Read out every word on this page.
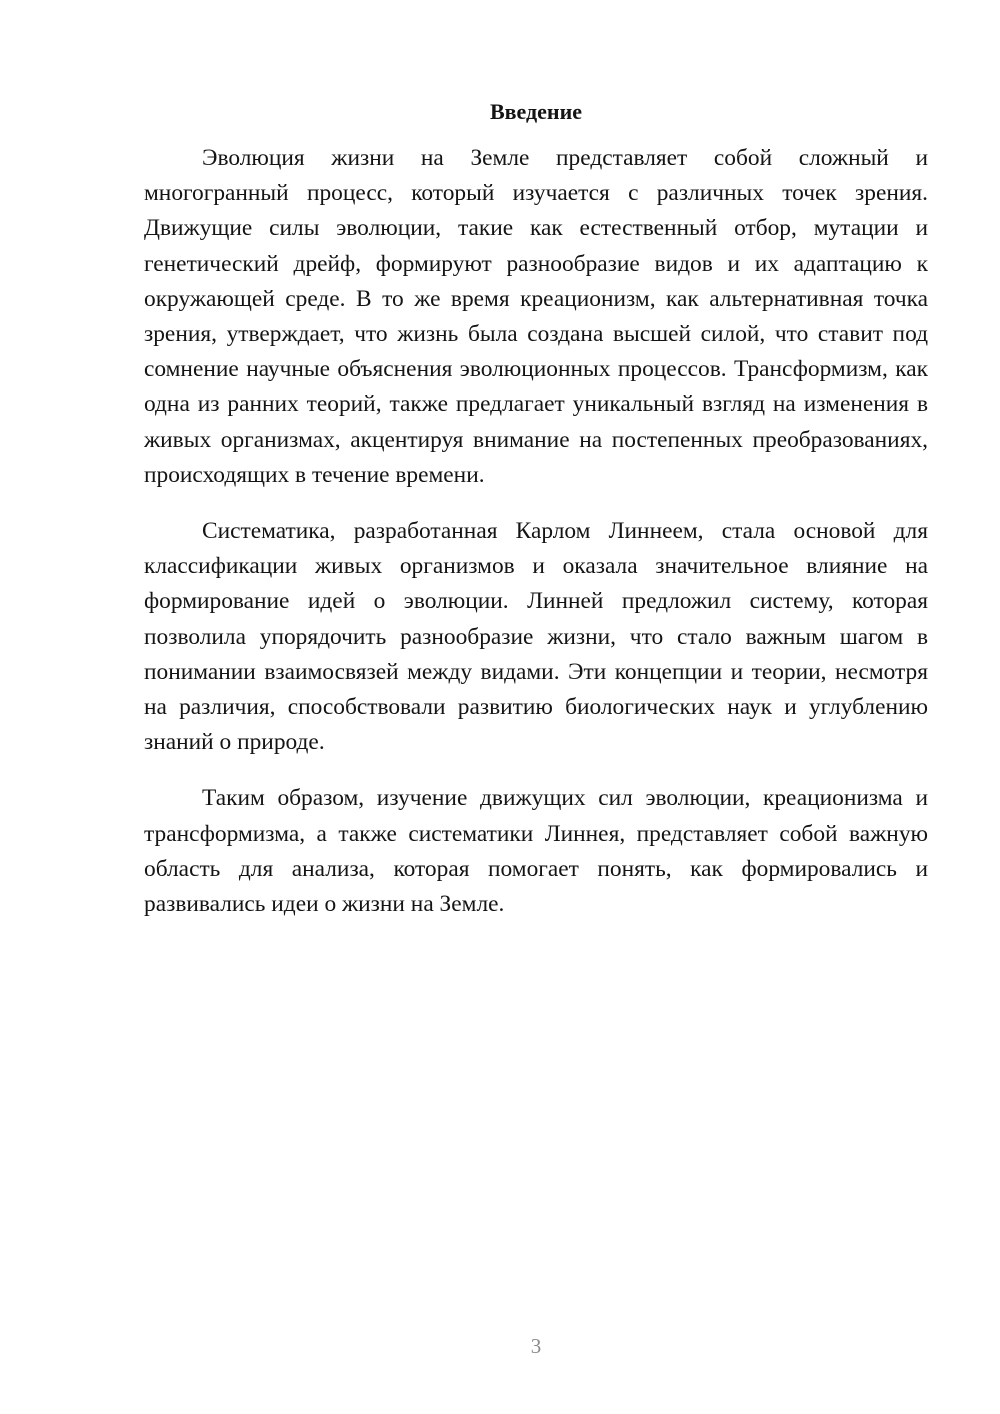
Введение

Эволюция жизни на Земле представляет собой сложный и многогранный процесс, который изучается с различных точек зрения. Движущие силы эволюции, такие как естественный отбор, мутации и генетический дрейф, формируют разнообразие видов и их адаптацию к окружающей среде. В то же время креационизм, как альтернативная точка зрения, утверждает, что жизнь была создана высшей силой, что ставит под сомнение научные объяснения эволюционных процессов. Трансформизм, как одна из ранних теорий, также предлагает уникальный взгляд на изменения в живых организмах, акцентируя внимание на постепенных преобразованиях, происходящих в течение времени.

Систематика, разработанная Карлом Линнеем, стала основой для классификации живых организмов и оказала значительное влияние на формирование идей о эволюции. Линней предложил систему, которая позволила упорядочить разнообразие жизни, что стало важным шагом в понимании взаимосвязей между видами. Эти концепции и теории, несмотря на различия, способствовали развитию биологических наук и углублению знаний о природе.

Таким образом, изучение движущих сил эволюции, креационизма и трансформизма, а также систематики Линнея, представляет собой важную область для анализа, которая помогает понять, как формировались и развивались идеи о жизни на Земле.

3
